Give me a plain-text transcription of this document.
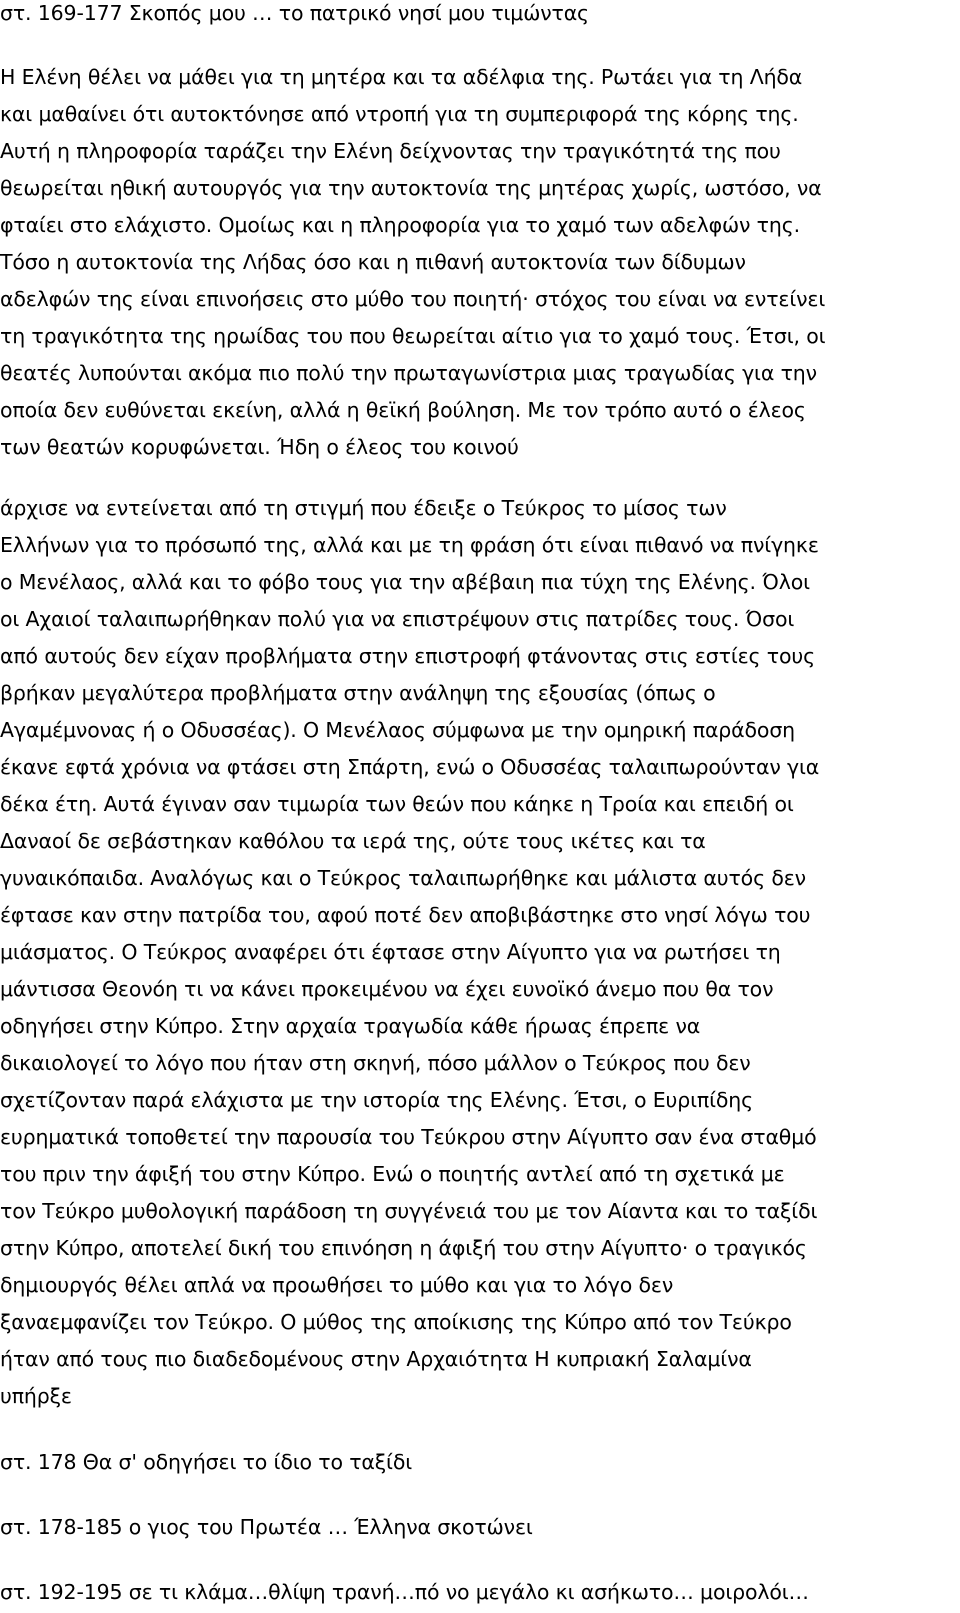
στ. 169-177 Σκοπός μου … το πατρικό νησί μου τιμώντας
Η Ελένη θέλει να μάθει για τη μητέρα και τα αδέλφια της. Ρωτάει για τη Λήδα
και μαθαίνει ότι αυτοκτόνησε από ντροπή για τη συμπεριφορά της κόρης της.
Αυτή η πληροφορία ταράζει την Ελένη δείχνοντας την τραγικότητά της που
θεωρείται ηθική αυτουργός για την αυτοκτονία της μητέρας χωρίς, ωστόσο, να
φταίει στο ελάχιστο. Ομοίως και η πληροφορία για το χαμό των αδελφών της.
Τόσο η αυτοκτονία της Λήδας όσο και η πιθανή αυτοκτονία των δίδυμων
αδελφών της είναι επινοήσεις στο μύθο του ποιητή· στόχος του είναι να εντείνει
τη τραγικότητα της ηρωίδας του που θεωρείται αίτιο για το χαμό τους. Έτσι, οι
θεατές λυπούνται ακόμα πιο πολύ την πρωταγωνίστρια μιας τραγωδίας για την
οποία δεν ευθύνεται εκείνη, αλλά η θεϊκή βούληση. Με τον τρόπο αυτό ο έλεος
των θεατών κορυφώνεται. Ήδη ο έλεος του κοινού
άρχισε να εντείνεται από τη στιγμή που έδειξε ο Τεύκρος το μίσος των
Ελλήνων για το πρόσωπό της, αλλά και με τη φράση ότι είναι πιθανό να πνίγηκε
ο Μενέλαος, αλλά και το φόβο τους για την αβέβαιη πια τύχη της Ελένης. Όλοι
οι Αχαιοί ταλαιπωρήθηκαν πολύ για να επιστρέψουν στις πατρίδες τους. Όσοι
από αυτούς δεν είχαν προβλήματα στην επιστροφή φτάνοντας στις εστίες τους
βρήκαν μεγαλύτερα προβλήματα στην ανάληψη της εξουσίας (όπως ο
Αγαμέμνονας ή ο Οδυσσέας). Ο Μενέλαος σύμφωνα με την ομηρική παράδοση
έκανε εφτά χρόνια να φτάσει στη Σπάρτη, ενώ ο Οδυσσέας ταλαιπωρούνταν για
δέκα έτη. Αυτά έγιναν σαν τιμωρία των θεών που κάηκε η Τροία και επειδή οι
Δαναοί δε σεβάστηκαν καθόλου τα ιερά της, ούτε τους ικέτες και τα
γυναικόπαιδα. Αναλόγως και ο Τεύκρος ταλαιπωρήθηκε και μάλιστα αυτός δεν
έφτασε καν στην πατρίδα του, αφού ποτέ δεν αποβιβάστηκε στο νησί λόγω του
μιάσματος. Ο Τεύκρος αναφέρει ότι έφτασε στην Αίγυπτο για να ρωτήσει τη
μάντισσα Θεονόη τι να κάνει προκειμένου να έχει ευνοϊκό άνεμο που θα τον
οδηγήσει στην Κύπρο. Στην αρχαία τραγωδία κάθε ήρωας έπρεπε να
δικαιολογεί το λόγο που ήταν στη σκηνή, πόσο μάλλον ο Τεύκρος που δεν
σχετίζονταν παρά ελάχιστα με την ιστορία της Ελένης. Έτσι, ο Ευριπίδης
ευρηματικά τοποθετεί την παρουσία του Τεύκρου στην Αίγυπτο σαν ένα σταθμό
του πριν την άφιξή του στην Κύπρο. Ενώ ο ποιητής αντλεί από τη σχετικά με
τον Τεύκρο μυθολογική παράδοση τη συγγένειά του με τον Αίαντα και το ταξίδι
στην Κύπρο, αποτελεί δική του επινόηση η άφιξή του στην Αίγυπτο· ο τραγικός
δημιουργός θέλει απλά να προωθήσει το μύθο και για το λόγο δεν
ξαναεμφανίζει τον Τεύκρο. Ο μύθος της αποίκισης της Κύπρο από τον Τεύκρο
ήταν από τους πιο διαδεδομένους στην Αρχαιότητα Η κυπριακή Σαλαμίνα
υπήρξε
στ. 178 Θα σ' οδηγήσει το ίδιο το ταξίδι
στ. 178-185 ο γιος του Πρωτέα … Έλληνα σκοτώνει
στ. 192-195 σε τι κλάμα…θλίψη τρανή…πό νο μεγάλο κι ασήκωτο… μοιρολόι…
